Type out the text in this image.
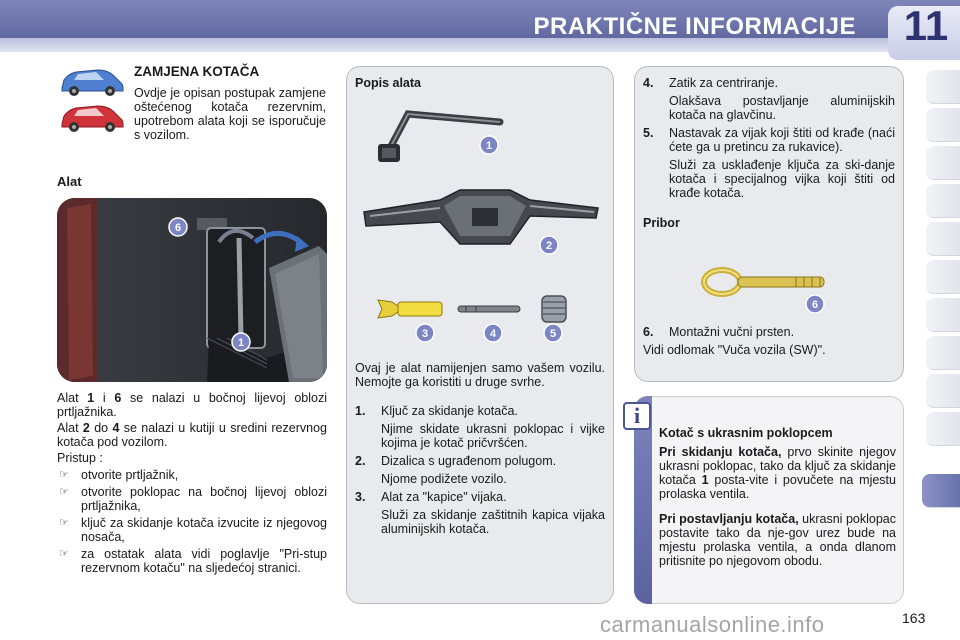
PRAKTIČNE INFORMACIJE 11
ZAMJENA KOTAČA
Ovdje je opisan postupak zamjene oštećenog kotača rezervnim, upotrebom alata koji se isporučuje s vozilom.
Alat
6
1
Alat 1 i 6 se nalazi u bočnoj lijevoj oblozi prtljažnika.
Alat 2 do 4 se nalazi u kutiji u sredini rezervnog kotača pod vozilom.
Pristup :
☞ otvorite prtljažnik,
☞ otvorite poklopac na bočnoj lijevoj oblozi prtljažnika,
☞ ključ za skidanje kotača izvucite iz njegovog nosača,
☞ za ostatak alata vidi poglavlje "Pri-stup rezervnom kotaču" na sljedećoj stranici.
Popis alata
1
2
3	4	5
Ovaj je alat namijenjen samo vašem vozilu. Nemojte ga koristiti u druge svrhe.
1. Ključ za skidanje kotača.
Njime skidate ukrasni poklopac i vijke kojima je kotač pričvršćen.
2. Dizalica s ugrađenom polugom.
Njome podižete vozilo.
3. Alat za "kapice" vijaka.
Služi za skidanje zaštitnih kapica vijaka aluminijskih kotača.
4. Zatik za centriranje.
Olakšava postavljanje aluminijskih kotača na glavčinu.
5. Nastavak za vijak koji štiti od krađe (naći ćete ga u pretincu za rukavice).
Služi za usklađenje ključa za ski-danje kotača i specijalnog vijka koji štiti od krađe kotača.
Pribor
6
6. Montažni vučni prsten.
Vidi odlomak "Vuča vozila (SW)".
i
Kotač s ukrasnim poklopcem
Pri skidanju kotača, prvo skinite njegov ukrasni poklopac, tako da ključ za skidanje kotača 1 posta-vite i povučete na mjestu prolaska ventila.
Pri postavljanju kotača, ukrasni poklopac postavite tako da nje-gov urez bude na mjestu prolaska ventila, a onda dlanom pritisnite po njegovom obodu.
carmanualsonline.info	163
